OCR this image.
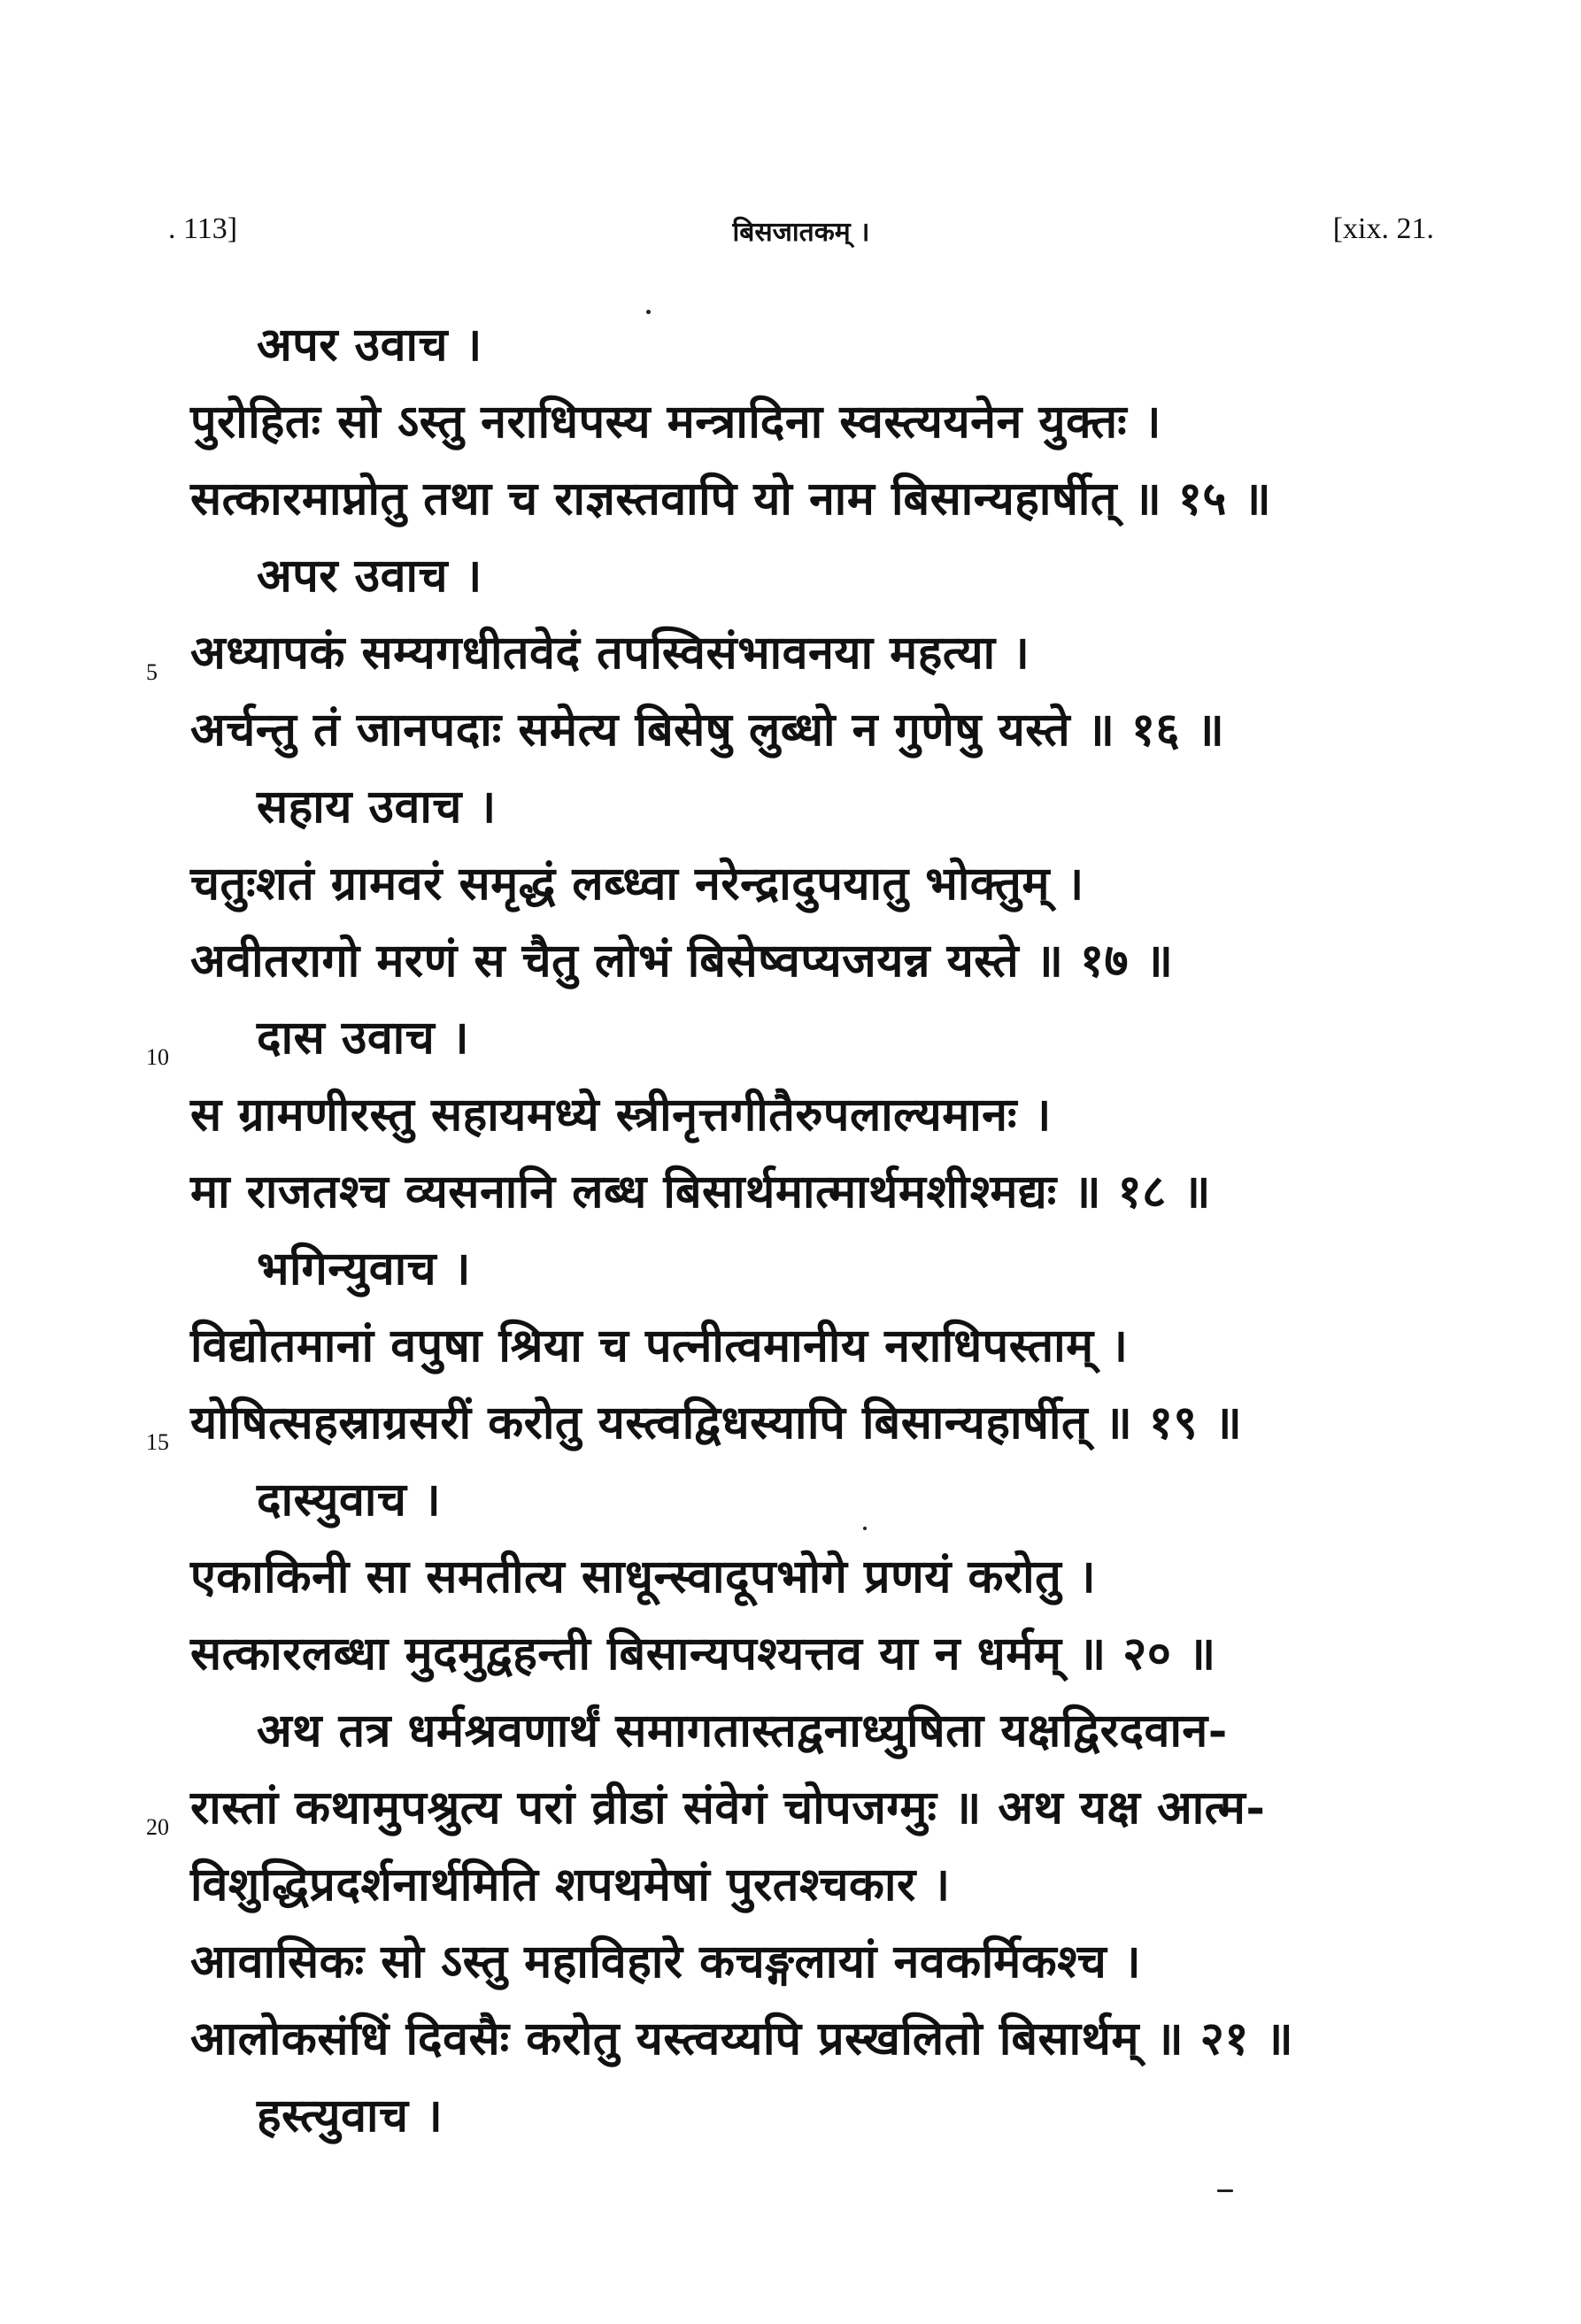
. 113]	बिसजातकम् ।	[xix. 21.
5
10
15
20
अपर उवाच ।
पुरोहितः सो ऽस्तु नराधिपस्य मन्त्रादिना स्वस्त्ययनेन युक्तः ।
सत्कारमाप्नोतु तथा च राज्ञस्तवापि यो नाम बिसान्यहार्षीत् ॥ १५ ॥
अपर उवाच ।
अध्यापकं सम्यगधीतवेदं तपस्विसंभावनया महत्या ।
अर्चन्तु तं जानपदाः समेत्य बिसेषु लुब्धो न गुणेषु यस्ते ॥ १६ ॥
सहाय उवाच ।
चतुःशतं ग्रामवरं समृद्धं लब्ध्वा नरेन्द्रादुपयातु भोक्तुम् ।
अवीतरागो मरणं स चैतु लोभं बिसेष्वप्यजयन्न यस्ते ॥ १७ ॥
दास उवाच ।
स ग्रामणीरस्तु सहायमध्ये स्त्रीनृत्तगीतैरुपलाल्यमानः ।
मा राजतश्च व्यसनानि लब्ध बिसार्थमात्मार्थमशीश्मद्यः ॥ १८ ॥
भगिन्युवाच ।
विद्योतमानां वपुषा श्रिया च पत्नीत्वमानीय नराधिपस्ताम् ।
योषित्सहस्राग्रसरीं करोतु यस्त्वद्विधस्यापि बिसान्यहार्षीत् ॥ १९ ॥
दास्युवाच ।
एकाकिनी सा समतीत्य साधून्स्वादूपभोगे प्रणयं करोतु ।
सत्कारलब्धा मुदमुद्वहन्ती बिसान्यपश्यत्तव या न धर्मम् ॥ २० ॥
अथ तत्र धर्मश्रवणार्थं समागतास्तद्वनाध्युषिता यक्षद्विरदवान-
रास्तां कथामुपश्रुत्य परां व्रीडां संवेगं चोपजग्मुः ॥ अथ यक्ष आत्म-
विशुद्धिप्रदर्शनार्थमिति शपथमेषां पुरतश्चकार ।
आवासिकः सो ऽस्तु महाविहारे कचङ्गलायां नवकर्मिकश्च ।
आलोकसंधिं दिवसैः करोतु यस्त्वय्यपि प्रस्खलितो बिसार्थम् ॥ २१ ॥
हस्त्युवाच ।
